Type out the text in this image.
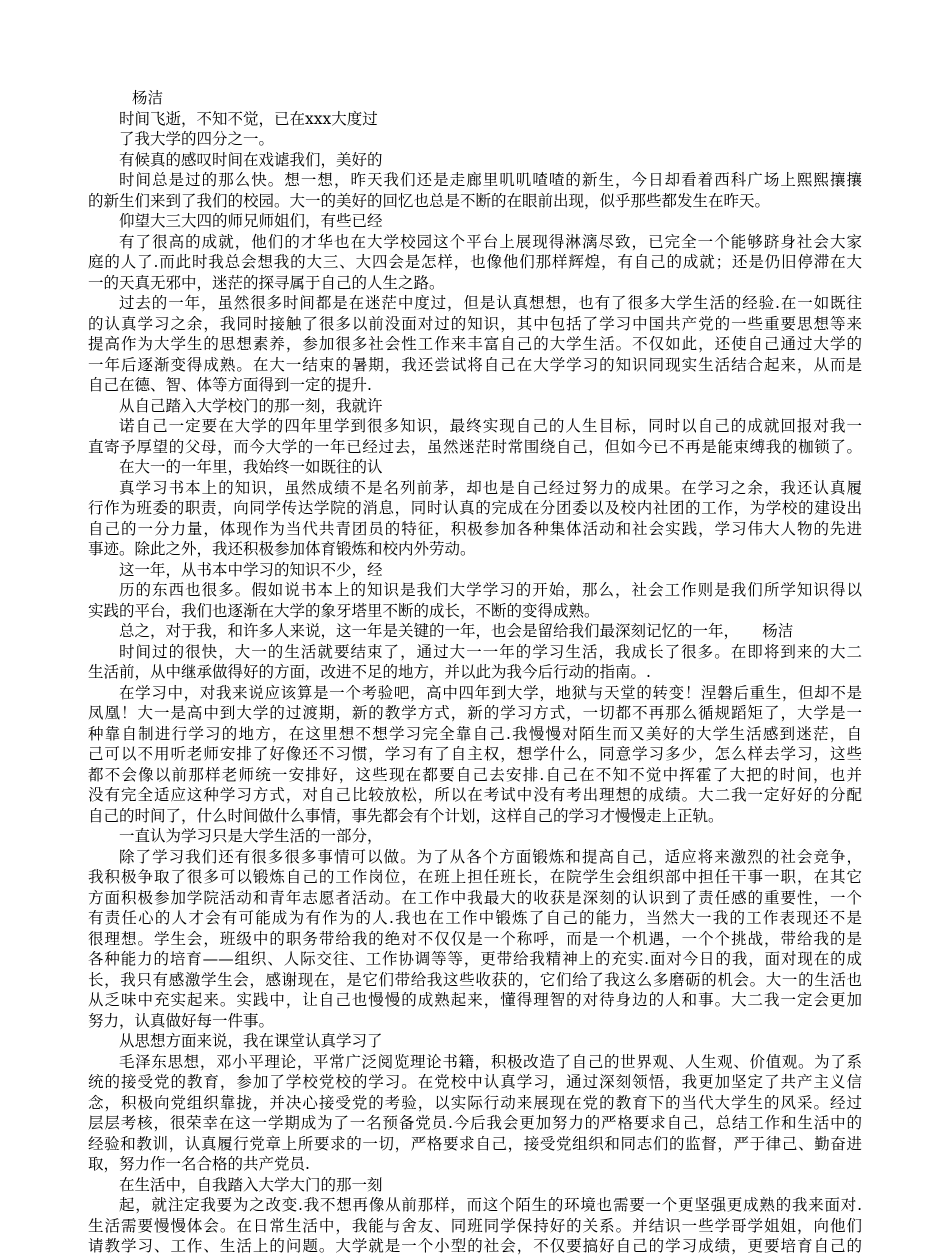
杨洁
时间飞逝，不知不觉，已在xxx大度过
了我大学的四分之一。
有候真的感叹时间在戏谑我们，美好的
时间总是过的那么快。想一想，昨天我们还是走廊里叽叽喳喳的新生，今日却看着西科广场上熙熙攘攘
的新生们来到了我们的校园。大一的美好的回忆也总是不断的在眼前出现，似乎那些都发生在昨天。
仰望大三大四的师兄师姐们，有些已经
有了很高的成就，他们的才华也在大学校园这个平台上展现得淋漓尽致，已完全一个能够跻身社会大家
庭的人了.而此时我总会想我的大三、大四会是怎样，也像他们那样辉煌，有自己的成就；还是仍旧停滞在大
一的天真无邪中，迷茫的探寻属于自己的人生之路。
过去的一年，虽然很多时间都是在迷茫中度过，但是认真想想，也有了很多大学生活的经验.在一如既往
的认真学习之余，我同时接触了很多以前没面对过的知识，其中包括了学习中国共产党的一些重要思想等来
提高作为大学生的思想素养，参加很多社会性工作来丰富自己的大学生活。不仅如此，还使自己通过大学的
一年后逐渐变得成熟。在大一结束的暑期，我还尝试将自己在大学学习的知识同现实生活结合起来，从而是
自己在德、智、体等方面得到一定的提升.
从自己踏入大学校门的那一刻，我就许
诺自己一定要在大学的四年里学到很多知识，最终实现自己的人生目标，同时以自己的成就回报对我一
直寄予厚望的父母，而今大学的一年已经过去，虽然迷茫时常围绕自己，但如今已不再是能束缚我的枷锁了。
在大一的一年里，我始终一如既往的认
真学习书本上的知识，虽然成绩不是名列前茅，却也是自己经过努力的成果。在学习之余，我还认真履
行作为班委的职责，向同学传达学院的消息，同时认真的完成在分团委以及校内社团的工作，为学校的建设出
自己的一分力量，体现作为当代共青团员的特征，积极参加各种集体活动和社会实践，学习伟大人物的先进
事迹。除此之外，我还积极参加体育锻炼和校内外劳动。
这一年，从书本中学习的知识不少，经
历的东西也很多。假如说书本上的知识是我们大学学习的开始，那么，社会工作则是我们所学知识得以
实践的平台，我们也逐渐在大学的象牙塔里不断的成长，不断的变得成熟。
总之，对于我，和许多人来说，这一年是关键的一年，也会是留给我们最深刻记忆的一年，　　杨洁
时间过的很快，大一的生活就要结束了，通过大一一年的学习生活，我成长了很多。在即将到来的大二
生活前，从中继承做得好的方面，改进不足的地方，并以此为我今后行动的指南。.
在学习中，对我来说应该算是一个考验吧，高中四年到大学，地狱与天堂的转变！涅磐后重生，但却不是
凤凰！大一是高中到大学的过渡期，新的教学方式，新的学习方式，一切都不再那么循规蹈矩了，大学是一
种靠自制进行学习的地方，在这里想不想学习完全靠自己.我慢慢对陌生而又美好的大学生活感到迷茫，自
己可以不用听老师安排了好像还不习惯，学习有了自主权，想学什么，同意学习多少，怎么样去学习，这些
都不会像以前那样老师统一安排好，这些现在都要自己去安排.自己在不知不觉中挥霍了大把的时间，也并
没有完全适应这种学习方式，对自己比较放松，所以在考试中没有考出理想的成绩。大二我一定好好的分配
自己的时间了，什么时间做什么事情，事先都会有个计划，这样自己的学习才慢慢走上正轨。
一直认为学习只是大学生活的一部分，
除了学习我们还有很多很多事情可以做。为了从各个方面锻炼和提高自己，适应将来激烈的社会竞争，
我积极争取了很多可以锻炼自己的工作岗位，在班上担任班长，在院学生会组织部中担任干事一职，在其它
方面积极参加学院活动和青年志愿者活动。在工作中我最大的收获是深刻的认识到了责任感的重要性，一个
有责任心的人才会有可能成为有作为的人.我也在工作中锻炼了自己的能力，当然大一我的工作表现还不是
很理想。学生会，班级中的职务带给我的绝对不仅仅是一个称呼，而是一个机遇，一个个挑战，带给我的是
各种能力的培育——组织、人际交往、工作协调等等，更带给我精神上的充实.面对今日的我，面对现在的成
长，我只有感激学生会，感谢现在，是它们带给我这些收获的，它们给了我这么多磨砺的机会。大一的生活也
从乏味中充实起来。实践中，让自己也慢慢的成熟起来，懂得理智的对待身边的人和事。大二我一定会更加
努力，认真做好每一件事。
从思想方面来说，我在课堂认真学习了
毛泽东思想，邓小平理论，平常广泛阅览理论书籍，积极改造了自己的世界观、人生观、价值观。为了系
统的接受党的教育，参加了学校党校的学习。在党校中认真学习，通过深刻领悟，我更加坚定了共产主义信
念，积极向党组织靠拢，并决心接受党的考验，以实际行动来展现在党的教育下的当代大学生的风采。经过
层层考核，很荣幸在这一学期成为了一名预备党员.今后我会更加努力的严格要求自己，总结工作和生活中的
经验和教训，认真履行党章上所要求的一切，严格要求自己，接受党组织和同志们的监督，严于律己、勤奋进
取，努力作一名合格的共产党员.
在生活中，自我踏入大学大门的那一刻
起，就注定我要为之改变.我不想再像从前那样，而这个陌生的环境也需要一个更坚强更成熟的我来面对.
生活需要慢慢体会。在日常生活中，我能与舍友、同班同学保持好的关系。并结识一些学哥学姐姐，向他们
请教学习、工作、生活上的问题。大学就是一个小型的社会，不仅要搞好自己的学习成绩，更要培育自己的
